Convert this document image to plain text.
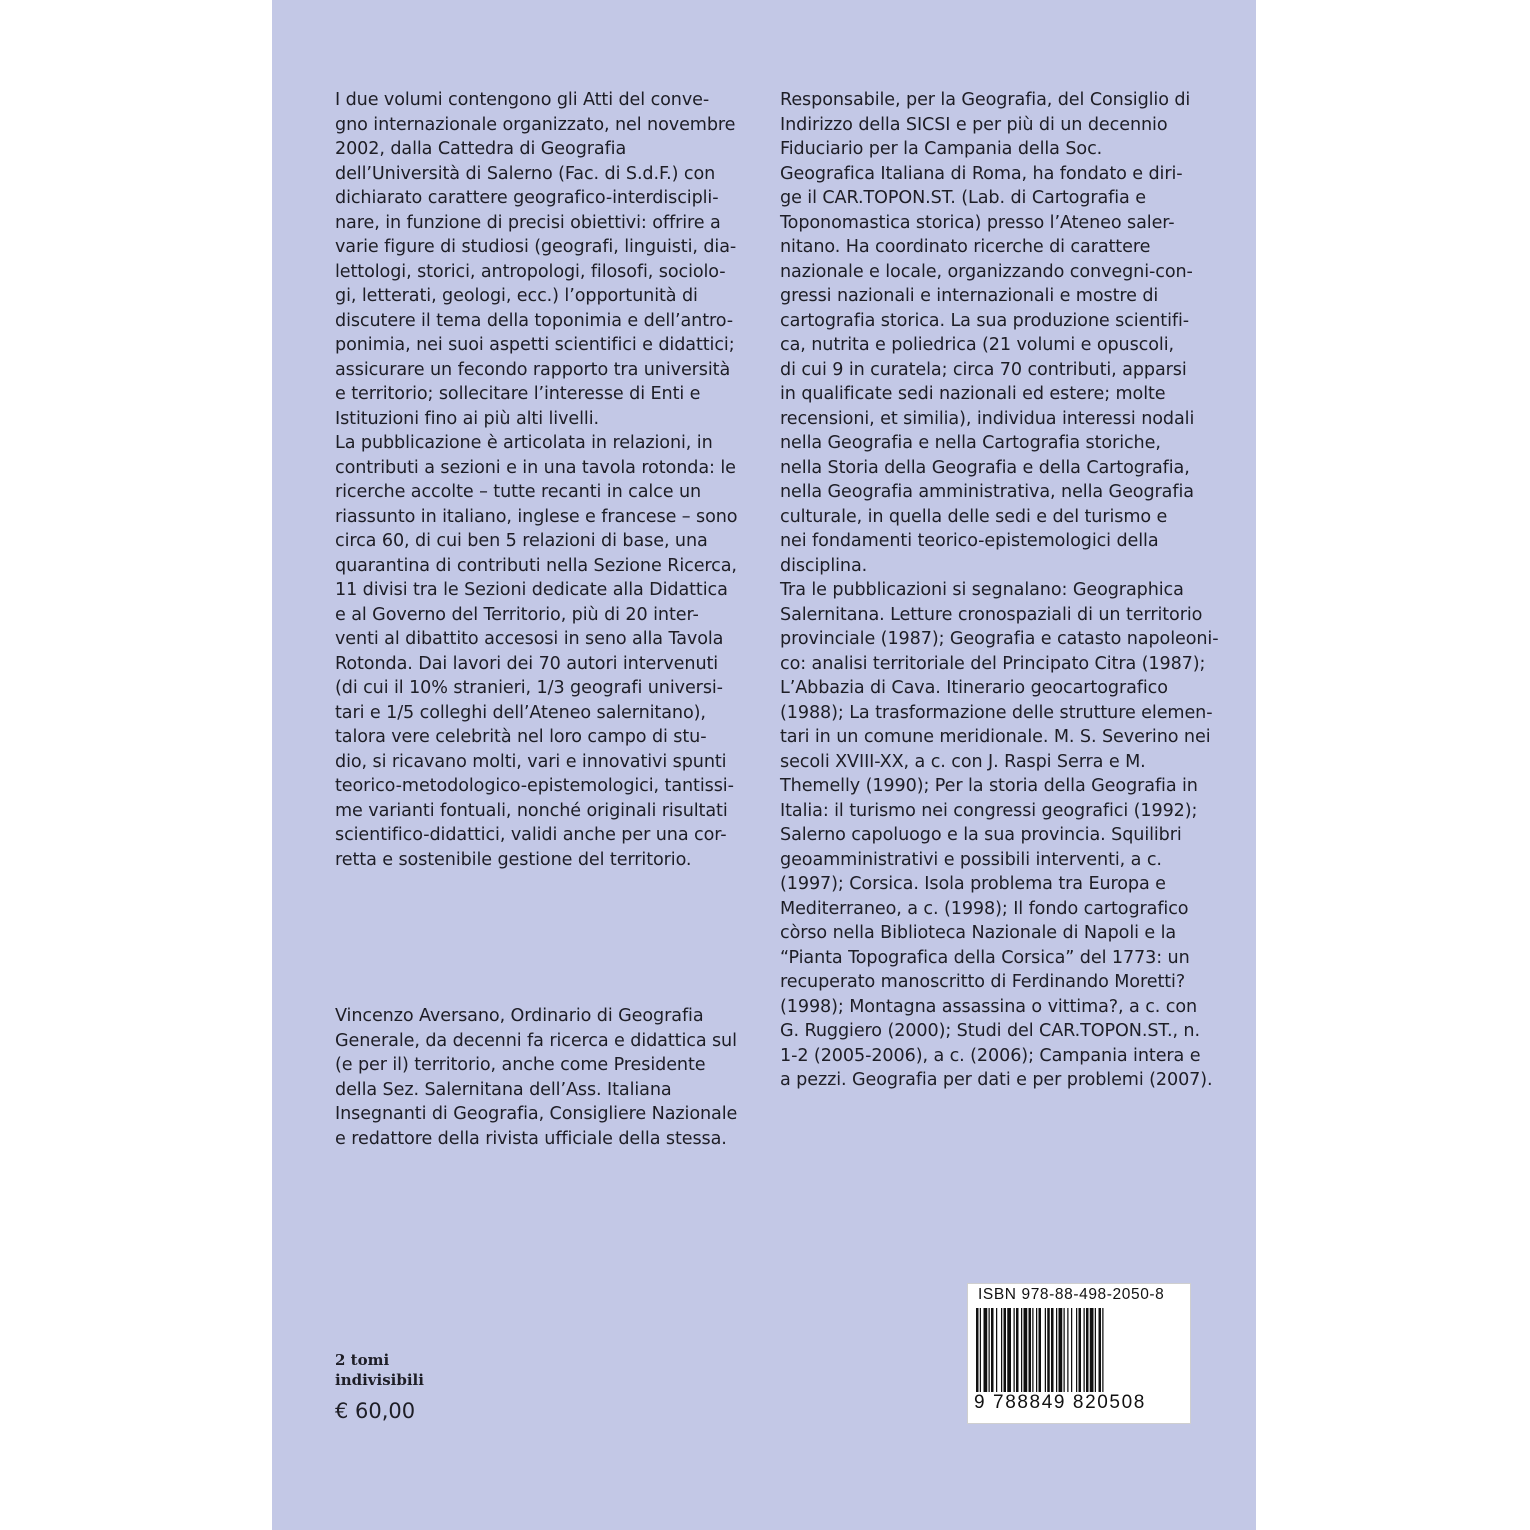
I due volumi contengono gli Atti del conve-
gno internazionale organizzato, nel novembre
2002, dalla Cattedra di Geografia
dell’Università di Salerno (Fac. di S.d.F.) con
dichiarato carattere geografico-interdiscipli-
nare, in funzione di precisi obiettivi: offrire a
varie figure di studiosi (geografi, linguisti, dia-
lettologi, storici, antropologi, filosofi, sociolo-
gi, letterati, geologi, ecc.) l’opportunità di
discutere il tema della toponimia e dell’antro-
ponimia, nei suoi aspetti scientifici e didattici;
assicurare un fecondo rapporto tra università
e territorio; sollecitare l’interesse di Enti e
Istituzioni fino ai più alti livelli.
La pubblicazione è articolata in relazioni, in
contributi a sezioni e in una tavola rotonda: le
ricerche accolte – tutte recanti in calce un
riassunto in italiano, inglese e francese – sono
circa 60, di cui ben 5 relazioni di base, una
quarantina di contributi nella Sezione Ricerca,
11 divisi tra le Sezioni dedicate alla Didattica
e al Governo del Territorio, più di 20 inter-
venti al dibattito accesosi in seno alla Tavola
Rotonda. Dai lavori dei 70 autori intervenuti
(di cui il 10% stranieri, 1/3 geografi universi-
tari e 1/5 colleghi dell’Ateneo salernitano),
talora vere celebrità nel loro campo di stu-
dio, si ricavano molti, vari e innovativi spunti
teorico-metodologico-epistemologici, tantissi-
me varianti fontuali, nonché originali risultati
scientifico-didattici, validi anche per una cor-
retta e sostenibile gestione del territorio.
Vincenzo Aversano, Ordinario di Geografia
Generale, da decenni fa ricerca e didattica sul
(e per il) territorio, anche come Presidente
della Sez. Salernitana dell’Ass. Italiana
Insegnanti di Geografia, Consigliere Nazionale
e redattore della rivista ufficiale della stessa.
Responsabile, per la Geografia, del Consiglio di
Indirizzo della SICSI e per più di un decennio
Fiduciario per la Campania della Soc.
Geografica Italiana di Roma, ha fondato e diri-
ge il CAR.TOPON.ST. (Lab. di Cartografia e
Toponomastica storica) presso l’Ateneo saler-
nitano. Ha coordinato ricerche di carattere
nazionale e locale, organizzando convegni-con-
gressi nazionali e internazionali e mostre di
cartografia storica. La sua produzione scientifi-
ca, nutrita e poliedrica (21 volumi e opuscoli,
di cui 9 in curatela; circa 70 contributi, apparsi
in qualificate sedi nazionali ed estere; molte
recensioni, et similia), individua interessi nodali
nella Geografia e nella Cartografia storiche,
nella Storia della Geografia e della Cartografia,
nella Geografia amministrativa, nella Geografia
culturale, in quella delle sedi e del turismo e
nei fondamenti teorico-epistemologici della
disciplina.
Tra le pubblicazioni si segnalano: Geographica
Salernitana. Letture cronospaziali di un territorio
provinciale (1987); Geografia e catasto napoleoni-
co: analisi territoriale del Principato Citra (1987);
L’Abbazia di Cava. Itinerario geocartografico
(1988); La trasformazione delle strutture elemen-
tari in un comune meridionale. M. S. Severino nei
secoli XVIII-XX, a c. con J. Raspi Serra e M.
Themelly (1990); Per la storia della Geografia in
Italia: il turismo nei congressi geografici (1992);
Salerno capoluogo e la sua provincia. Squilibri
geoamministrativi e possibili interventi, a c.
(1997); Corsica. Isola problema tra Europa e
Mediterraneo, a c. (1998); Il fondo cartografico
còrso nella Biblioteca Nazionale di Napoli e la
“Pianta Topografica della Corsica” del 1773: un
recuperato manoscritto di Ferdinando Moretti?
(1998); Montagna assassina o vittima?, a c. con
G. Ruggiero (2000); Studi del CAR.TOPON.ST., n.
1-2 (2005-2006), a c. (2006); Campania intera e
a pezzi. Geografia per dati e per problemi (2007).
2 tomi
indivisibili
€ 60,00
ISBN 978-88-498-2050-8
9 788849 820508
